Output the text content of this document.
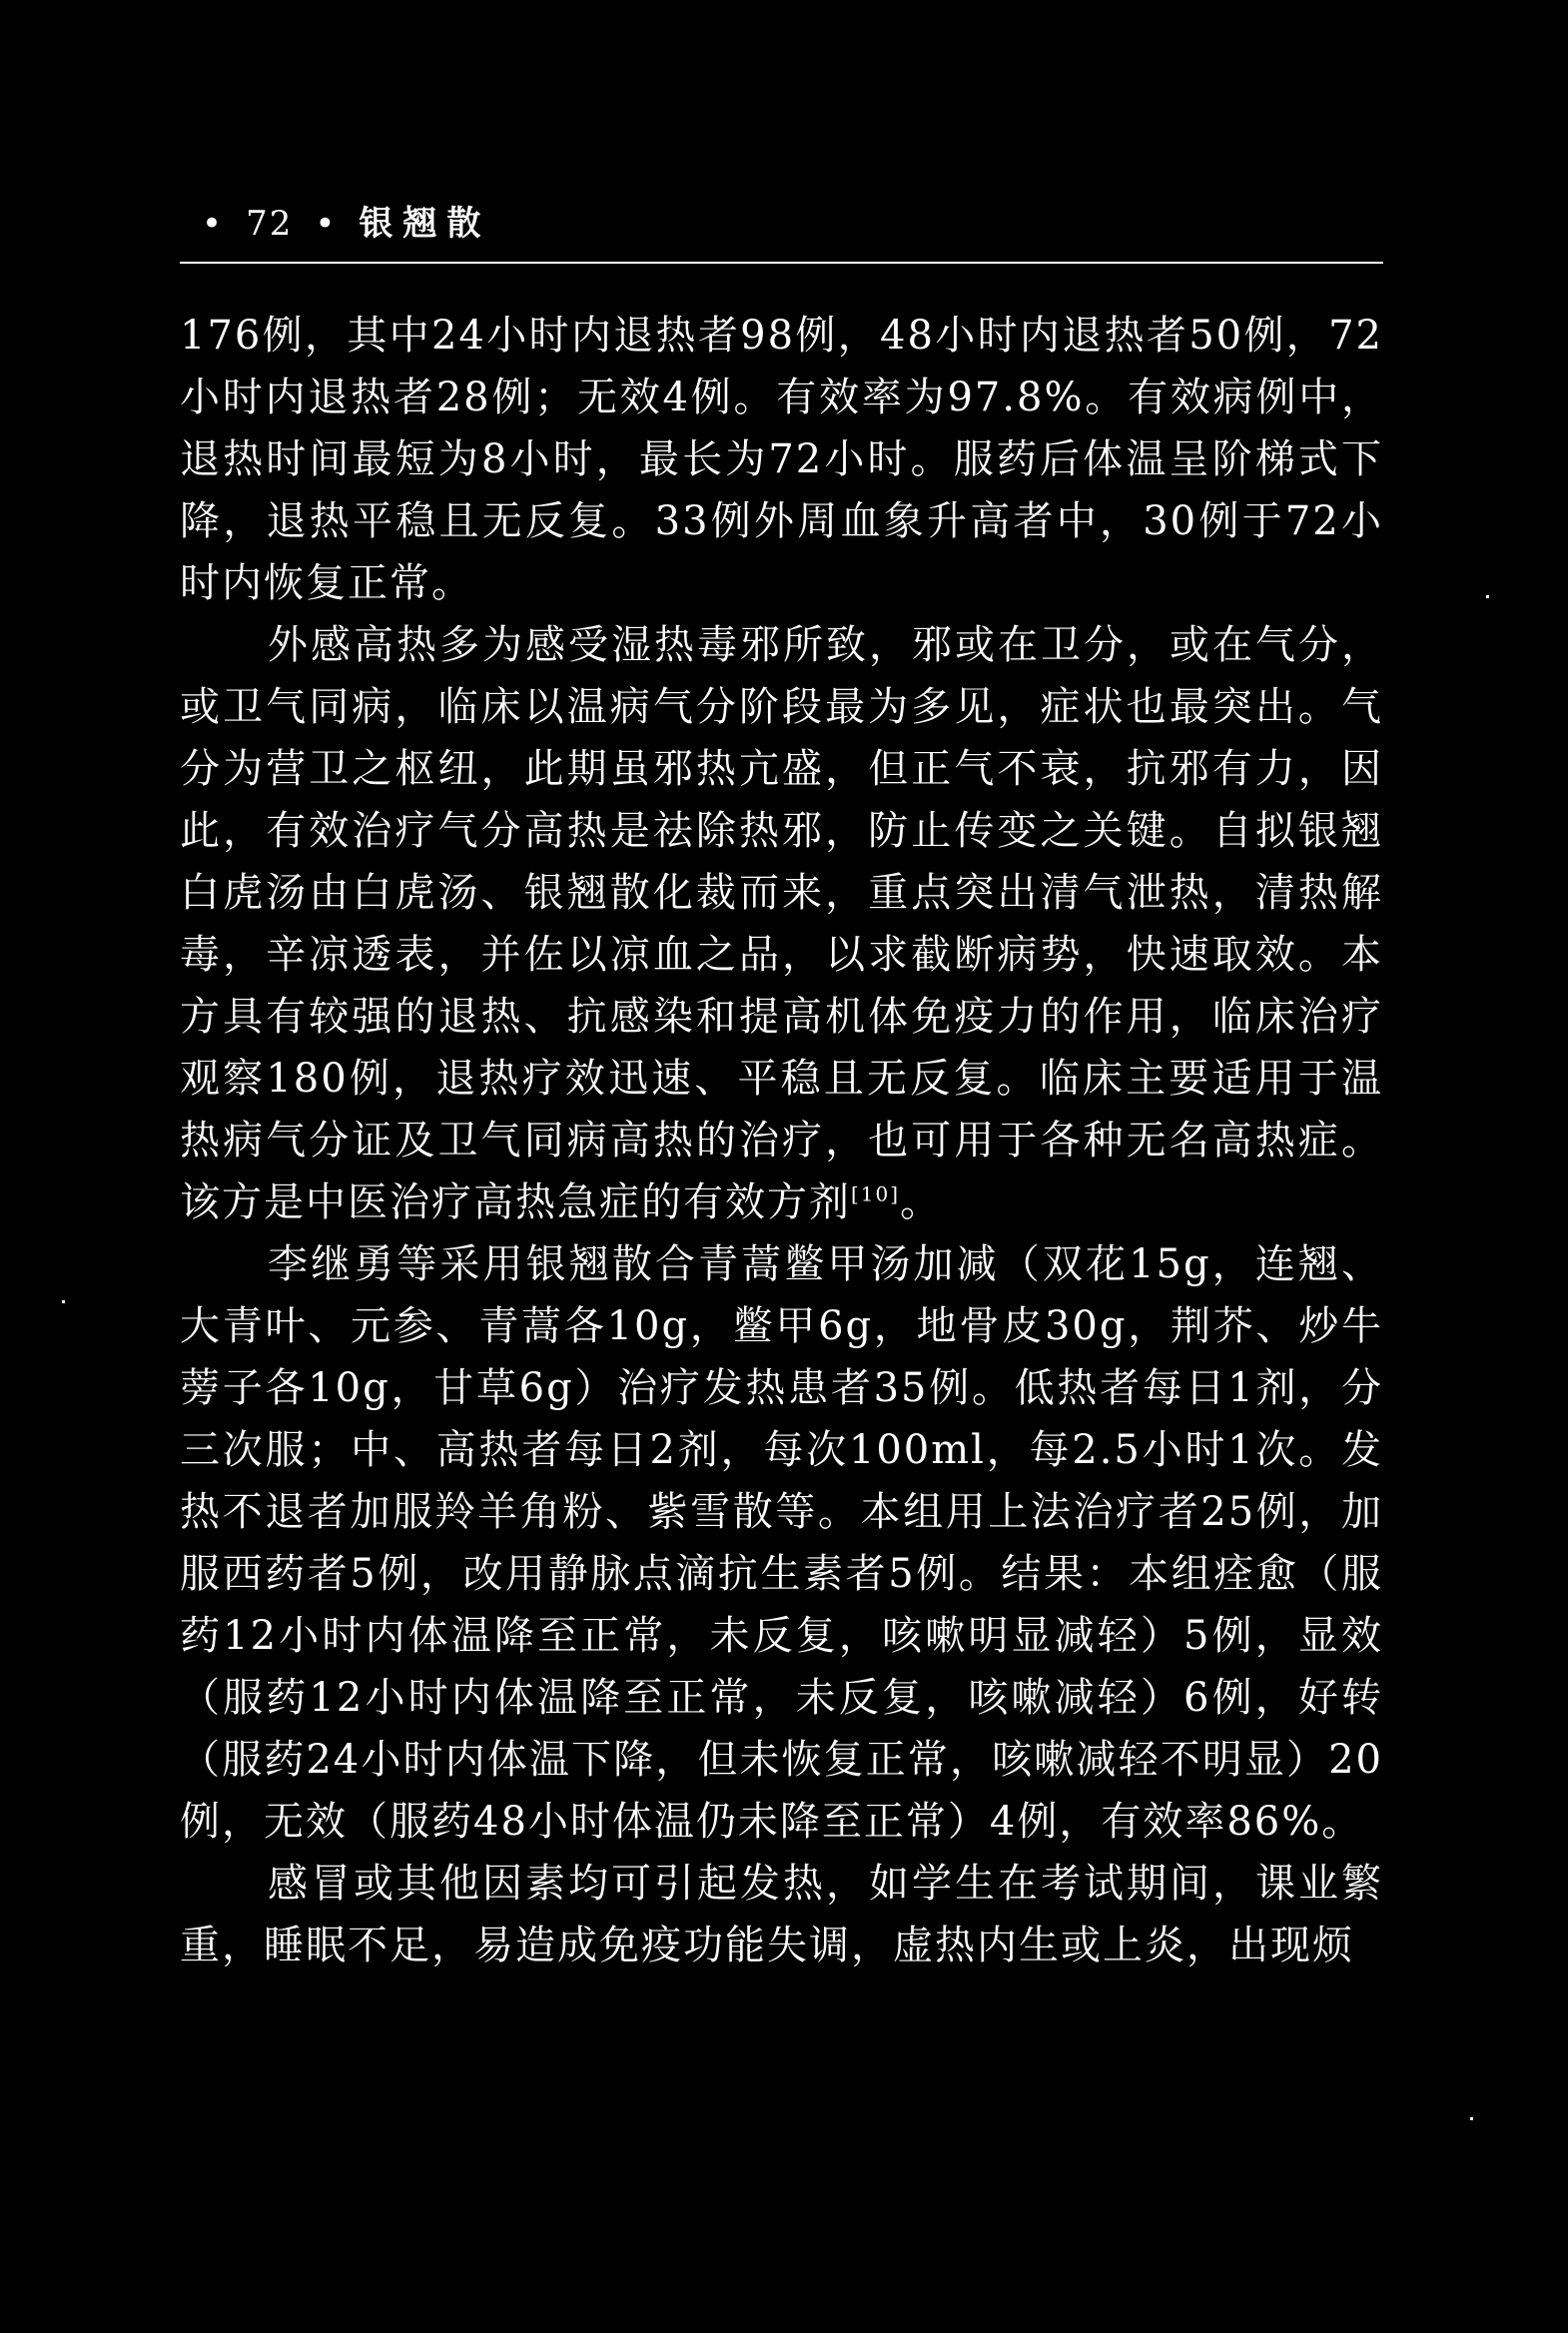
• 72 • 银翘散

176例，其中24小时内退热者98例，48小时内退热者50例，72小时内退热者28例；无效4例。有效率为97.8%。有效病例中，退热时间最短为8小时，最长为72小时。服药后体温呈阶梯式下降，退热平稳且无反复。33例外周血象升高者中，30例于72小时内恢复正常。

外感高热多为感受湿热毒邪所致，邪或在卫分，或在气分，或卫气同病，临床以温病气分阶段最为多见，症状也最突出。气分为营卫之枢纽，此期虽邪热亢盛，但正气不衰，抗邪有力，因此，有效治疗气分高热是祛除热邪，防止传变之关键。自拟银翘白虎汤由白虎汤、银翘散化裁而来，重点突出清气泄热，清热解毒，辛凉透表，并佐以凉血之品，以求截断病势，快速取效。本方具有较强的退热、抗感染和提高机体免疫力的作用，临床治疗观察180例，退热疗效迅速、平稳且无反复。临床主要适用于温热病气分证及卫气同病高热的治疗，也可用于各种无名高热症。该方是中医治疗高热急症的有效方剂[10]。

李继勇等采用银翘散合青蒿鳖甲汤加减（双花15g，连翘、大青叶、元参、青蒿各10g，鳖甲6g，地骨皮30g，荆芥、炒牛蒡子各10g，甘草6g）治疗发热患者35例。低热者每日1剂，分三次服；中、高热者每日2剂，每次100ml，每2.5小时1次。发热不退者加服羚羊角粉、紫雪散等。本组用上法治疗者25例，加服西药者5例，改用静脉点滴抗生素者5例。结果：本组痊愈（服药12小时内体温降至正常，未反复，咳嗽明显减轻）5例，显效（服药12小时内体温降至正常，未反复，咳嗽减轻）6例，好转（服药24小时内体温下降，但未恢复正常，咳嗽减轻不明显）20例，无效（服药48小时体温仍未降至正常）4例，有效率86%。

感冒或其他因素均可引起发热，如学生在考试期间，课业繁重，睡眠不足，易造成免疫功能失调，虚热内生或上炎，出现烦
